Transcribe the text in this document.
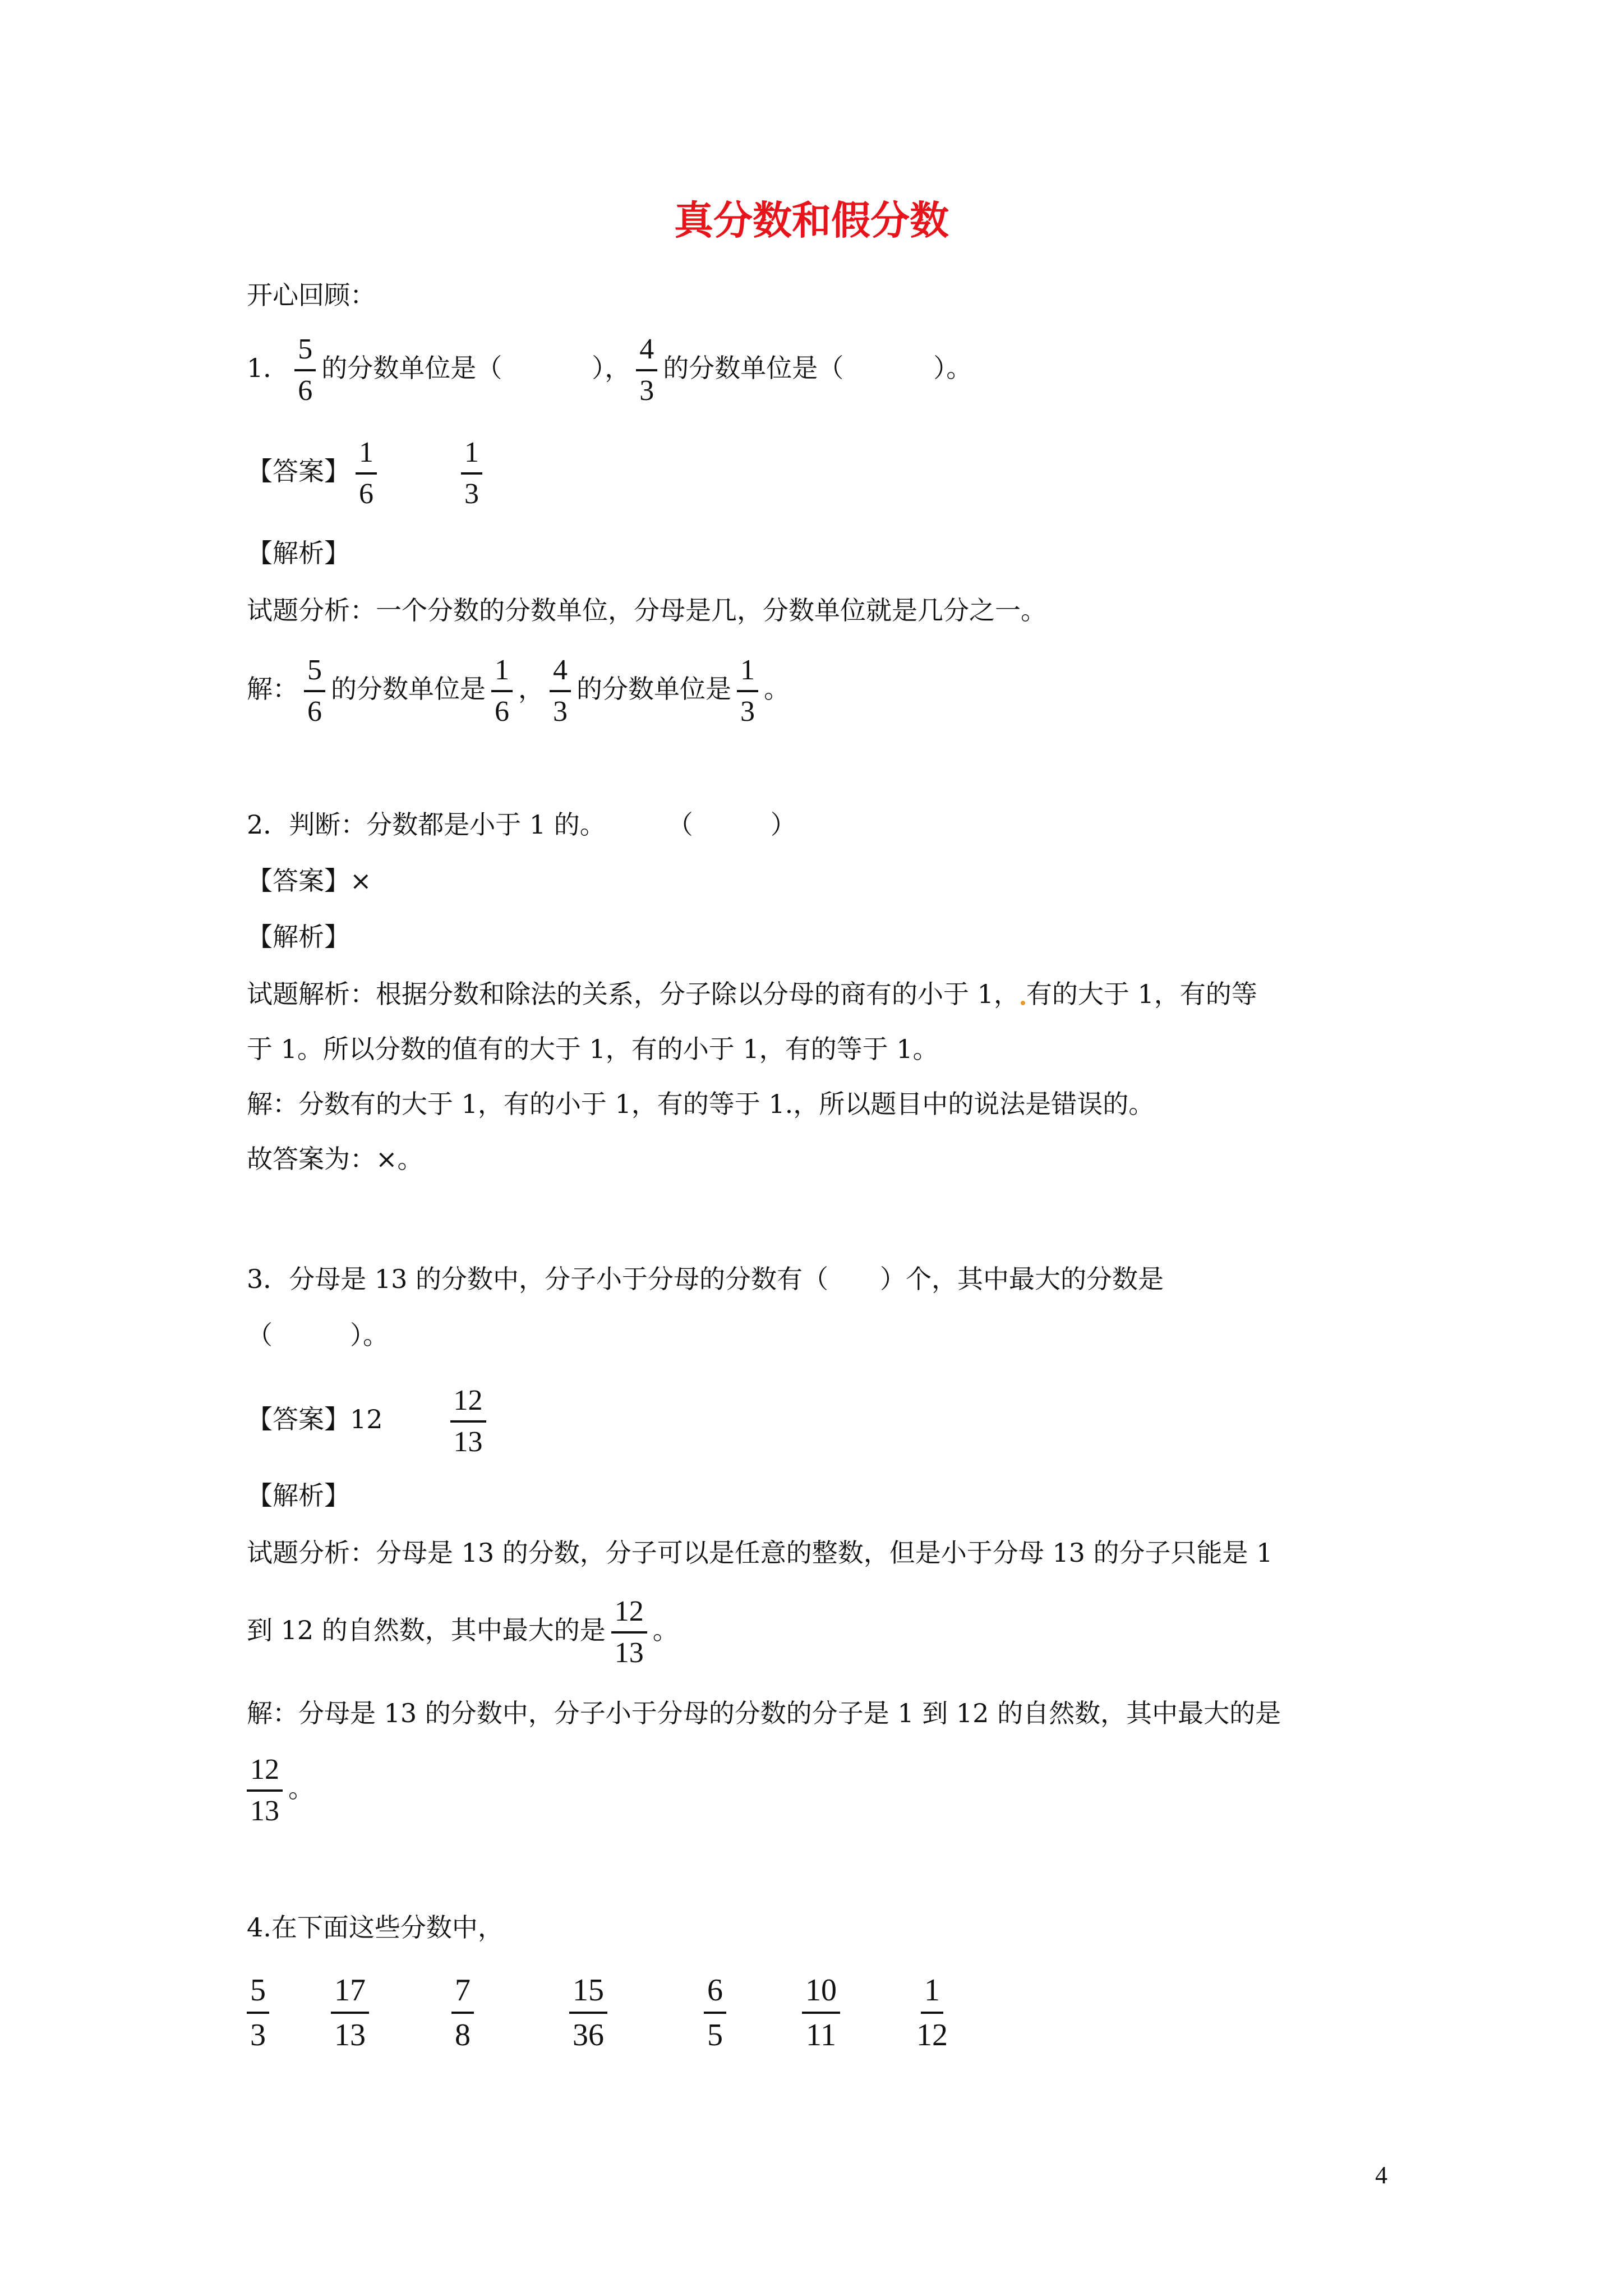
真分数和假分数
开心回顾：
1． $\frac{5}{6}$ 的分数单位是（	）， $\frac{4}{3}$ 的分数单位是（	）。
【答案】 $\frac{1}{6}$	$\frac{1}{3}$
【解析】
试题分析：一个分数的分数单位，分母是几，分数单位就是几分之一。
解： $\frac{5}{6}$ 的分数单位是 $\frac{1}{6}$ ， $\frac{4}{3}$ 的分数单位是 $\frac{1}{3}$ 。
2．判断：分数都是小于 1 的。 （　　　）
【答案】×
【解析】
试题解析：根据分数和除法的关系，分子除以分母的商有的小于 1， 有的大于 1，有的等
于 1。所以分数的值有的大于 1，有的小于 1，有的等于 1。
解：分数有的大于 1，有的小于 1，有的等于 1.，所以题目中的说法是错误的。
故答案为：×。
3．分母是 13 的分数中，分子小于分母的分数有（　　）个，其中最大的分数是
（　　　）。
【答案】$12 \frac{12}{13}$
【解析】
试题分析：分母是 13 的分数，分子可以是任意的整数，但是小于分母 13 的分子只能是 1
到 12 的自然数，其中最大的是 $\frac{12}{13}$ 。
解：分母是 13 的分数中，分子小于分母的分数的分子是 1 到 12 的自然数，其中最大的是
$\frac{12}{13}$ 。
4.在下面这些分数中，
$\frac{5}{3} \frac{17}{13}$	$\frac{7}{8}$	$\frac{15}{36}$	$\frac{6}{5} \frac{10}{11} \frac{1}{12}$
4
